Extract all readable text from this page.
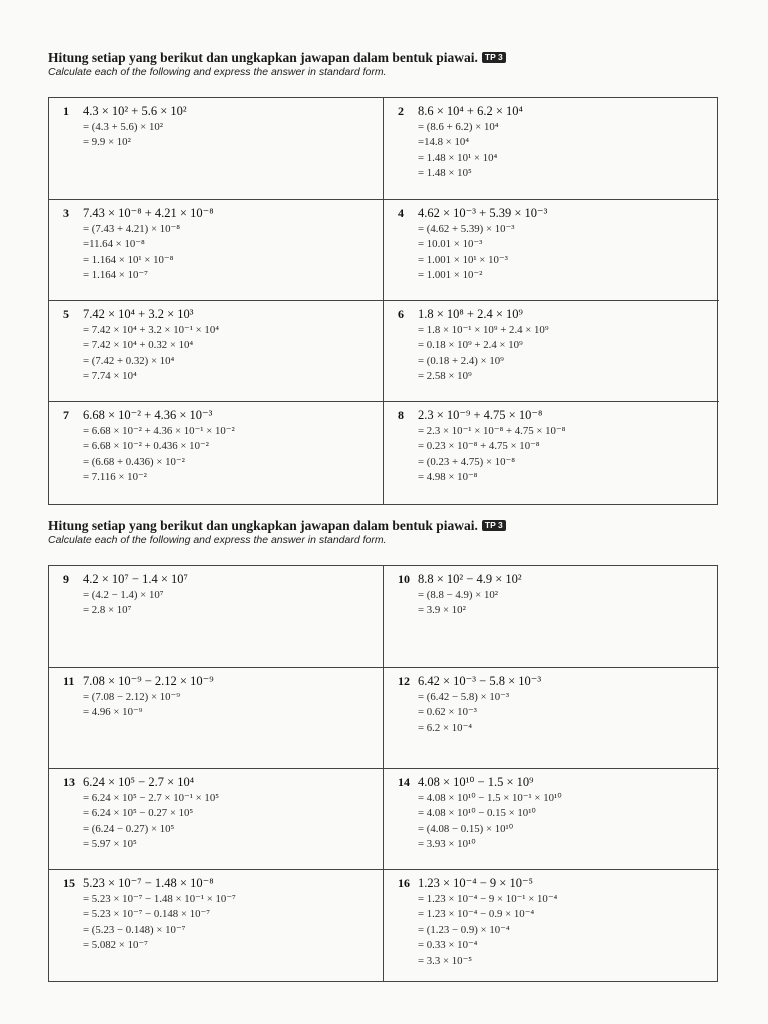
Hitung setiap yang berikut dan ungkapkan jawapan dalam bentuk piawai. TP 3
Calculate each of the following and express the answer in standard form.
1	4.3 × 10² + 5.6 × 10²
= (4.3 + 5.6) × 10²
= 9.9 × 10²
2	8.6 × 10⁴ + 6.2 × 10⁴
= (8.6 + 6.2) × 10⁴
=14.8 × 10⁴
= 1.48 × 10¹ × 10⁴
= 1.48 × 10⁵
3	7.43 × 10⁻⁸ + 4.21 × 10⁻⁸
= (7.43 + 4.21) × 10⁻⁸
=11.64 × 10⁻⁸
= 1.164 × 10¹ × 10⁻⁸
= 1.164 × 10⁻⁷
4	4.62 × 10⁻³ + 5.39 × 10⁻³
= (4.62 + 5.39) × 10⁻³
= 10.01 × 10⁻³
= 1.001 × 10¹ × 10⁻³
= 1.001 × 10⁻²
5	7.42 × 10⁴ + 3.2 × 10³
= 7.42 × 10⁴ + 3.2 × 10⁻¹ × 10⁴
= 7.42 × 10⁴ + 0.32 × 10⁴
= (7.42 + 0.32) × 10⁴
= 7.74 × 10⁴
6	1.8 × 10⁸ + 2.4 × 10⁹
= 1.8 × 10⁻¹ × 10⁹ + 2.4 × 10⁹
= 0.18 × 10⁹ + 2.4 × 10⁹
= (0.18 + 2.4) × 10⁹
= 2.58 × 10⁹
7	6.68 × 10⁻² + 4.36 × 10⁻³
= 6.68 × 10⁻² + 4.36 × 10⁻¹ × 10⁻²
= 6.68 × 10⁻² + 0.436 × 10⁻²
= (6.68 + 0.436) × 10⁻²
= 7.116 × 10⁻²
8	2.3 × 10⁻⁹ + 4.75 × 10⁻⁸
= 2.3 × 10⁻¹ × 10⁻⁸ + 4.75 × 10⁻⁸
= 0.23 × 10⁻⁸ + 4.75 × 10⁻⁸
= (0.23 + 4.75) × 10⁻⁸
= 4.98 × 10⁻⁸
Hitung setiap yang berikut dan ungkapkan jawapan dalam bentuk piawai. TP 3
Calculate each of the following and express the answer in standard form.
9	4.2 × 10⁷ − 1.4 × 10⁷
= (4.2 − 1.4) × 10⁷
= 2.8 × 10⁷
10 8.8 × 10² − 4.9 × 10²
= (8.8 − 4.9) × 10²
= 3.9 × 10²
11 7.08 × 10⁻⁹ − 2.12 × 10⁻⁹
= (7.08 − 2.12) × 10⁻⁹
= 4.96 × 10⁻⁹
12 6.42 × 10⁻³ − 5.8 × 10⁻³
= (6.42 − 5.8) × 10⁻³
= 0.62 × 10⁻³
= 6.2 × 10⁻⁴
13 6.24 × 10⁵ − 2.7 × 10⁴
= 6.24 × 10⁵ − 2.7 × 10⁻¹ × 10⁵
= 6.24 × 10⁵ − 0.27 × 10⁵
= (6.24 − 0.27) × 10⁵
= 5.97 × 10⁵
14 4.08 × 10¹⁰ − 1.5 × 10⁹
= 4.08 × 10¹⁰ − 1.5 × 10⁻¹ × 10¹⁰
= 4.08 × 10¹⁰ − 0.15 × 10¹⁰
= (4.08 − 0.15) × 10¹⁰
= 3.93 × 10¹⁰
15 5.23 × 10⁻⁷ − 1.48 × 10⁻⁸
= 5.23 × 10⁻⁷ − 1.48 × 10⁻¹ × 10⁻⁷
= 5.23 × 10⁻⁷ − 0.148 × 10⁻⁷
= (5.23 − 0.148) × 10⁻⁷
= 5.082 × 10⁻⁷
16 1.23 × 10⁻⁴ − 9 × 10⁻⁵
= 1.23 × 10⁻⁴ − 9 × 10⁻¹ × 10⁻⁴
= 1.23 × 10⁻⁴ − 0.9 × 10⁻⁴
= (1.23 − 0.9) × 10⁻⁴
= 0.33 × 10⁻⁴
= 3.3 × 10⁻⁵
